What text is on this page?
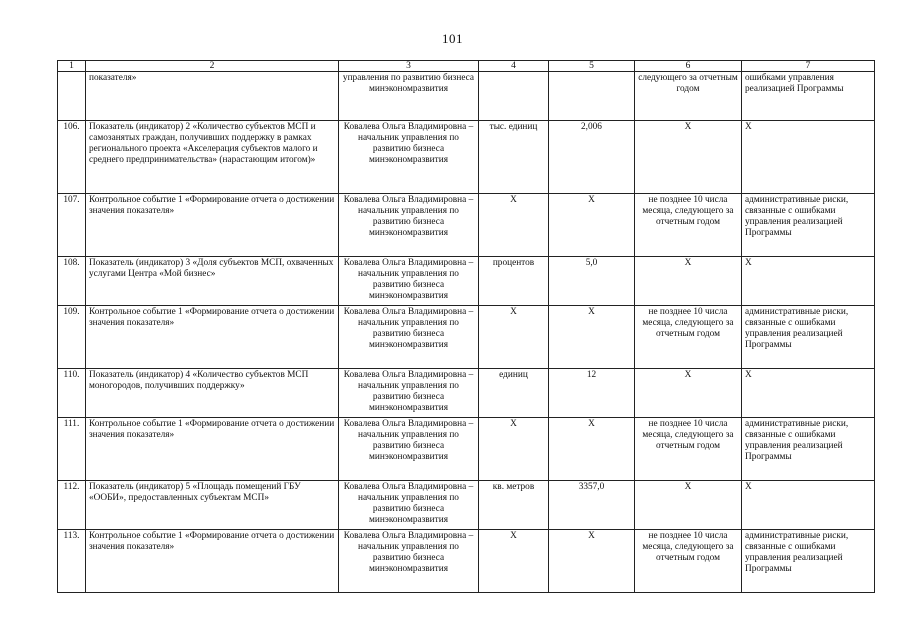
101
1	2	3	4	5	6	7
	показателя»	управления по развитию бизнеса минэкономразвития			следующего за отчетным годом	ошибками управления реализацией Программы
106.	Показатель (индикатор) 2 «Количество субъектов МСП и самозанятых граждан, получивших поддержку в рамках регионального проекта «Акселерация субъектов малого и среднего предпринимательства» (нарастающим итогом)»	Ковалева Ольга Владимировна – начальник управления по развитию бизнеса минэкономразвития	тыс. единиц	2,006	Х	Х
107.	Контрольное событие 1 «Формирование отчета о достижении значения показателя»	Ковалева Ольга Владимировна – начальник управления по развитию бизнеса минэкономразвития	Х	Х	не позднее 10 числа месяца, следующего за отчетным годом	административные риски, связанные с ошибками управления реализацией Программы
108.	Показатель (индикатор) 3 «Доля субъектов МСП, охваченных услугами Центра «Мой бизнес»	Ковалева Ольга Владимировна – начальник управления по развитию бизнеса минэкономразвития	процентов	5,0	Х	Х
109.	Контрольное событие 1 «Формирование отчета о достижении значения показателя»	Ковалева Ольга Владимировна – начальник управления по развитию бизнеса минэкономразвития	Х	Х	не позднее 10 числа месяца, следующего за отчетным годом	административные риски, связанные с ошибками управления реализацией Программы
110.	Показатель (индикатор) 4 «Количество субъектов МСП моногородов, получивших поддержку»	Ковалева Ольга Владимировна – начальник управления по развитию бизнеса минэкономразвития	единиц	12	Х	Х
111.	Контрольное событие 1 «Формирование отчета о достижении значения показателя»	Ковалева Ольга Владимировна – начальник управления по развитию бизнеса минэкономразвития	Х	Х	не позднее 10 числа месяца, следующего за отчетным годом	административные риски, связанные с ошибками управления реализацией Программы
112.	Показатель (индикатор) 5 «Площадь помещений ГБУ «ООБИ», предоставленных субъектам МСП»	Ковалева Ольга Владимировна – начальник управления по развитию бизнеса минэкономразвития	кв. метров	3357,0	Х	Х
113.	Контрольное событие 1 «Формирование отчета о достижении значения показателя»	Ковалева Ольга Владимировна – начальник управления по развитию бизнеса минэкономразвития	Х	Х	не позднее 10 числа месяца, следующего за отчетным годом	административные риски, связанные с ошибками управления реализацией Программы
